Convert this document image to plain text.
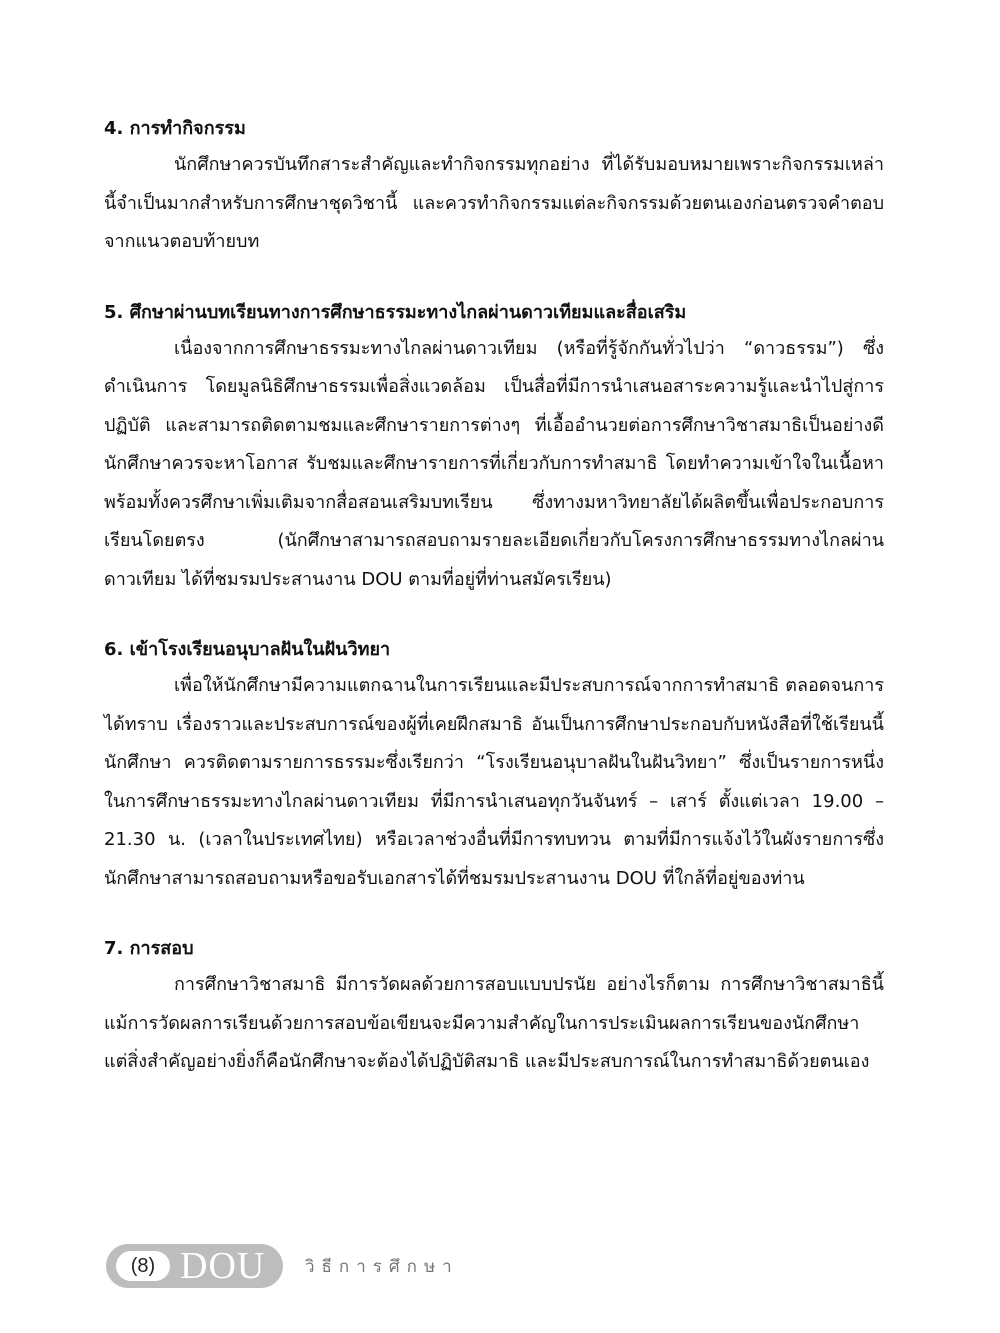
4. การทำกิจกรรม

นักศึกษาควรบันทึกสาระสำคัญและทำกิจกรรมทุกอย่าง ที่ได้รับมอบหมายเพราะกิจกรรมเหล่านี้จำเป็นมากสำหรับการศึกษาชุดวิชานี้ และควรทำกิจกรรมแต่ละกิจกรรมด้วยตนเองก่อนตรวจคำตอบจากแนวตอบท้ายบท

5. ศึกษาผ่านบทเรียนทางการศึกษาธรรมะทางไกลผ่านดาวเทียมและสื่อเสริม

เนื่องจากการศึกษาธรรมะทางไกลผ่านดาวเทียม (หรือที่รู้จักกันทั่วไปว่า “ดาวธรรม”) ซึ่งดำเนินการ โดยมูลนิธิศึกษาธรรมเพื่อสิ่งแวดล้อม เป็นสื่อที่มีการนำเสนอสาระความรู้และนำไปสู่การปฏิบัติ และสามารถติดตามชมและศึกษารายการต่างๆ ที่เอื้ออำนวยต่อการศึกษาวิชาสมาธิเป็นอย่างดี นักศึกษาควรจะหาโอกาส รับชมและศึกษารายการที่เกี่ยวกับการทำสมาธิ โดยทำความเข้าใจในเนื้อหา พร้อมทั้งควรศึกษาเพิ่มเติมจากสื่อสอนเสริมบทเรียน ซึ่งทางมหาวิทยาลัยได้ผลิตขึ้นเพื่อประกอบการเรียนโดยตรง (นักศึกษาสามารถสอบถามรายละเอียดเกี่ยวกับโครงการศึกษาธรรมทางไกลผ่านดาวเทียม ได้ที่ชมรมประสานงาน DOU ตามที่อยู่ที่ท่านสมัครเรียน)

6. เข้าโรงเรียนอนุบาลฝันในฝันวิทยา

เพื่อให้นักศึกษามีความแตกฉานในการเรียนและมีประสบการณ์จากการทำสมาธิ ตลอดจนการได้ทราบ เรื่องราวและประสบการณ์ของผู้ที่เคยฝึกสมาธิ อันเป็นการศึกษาประกอบกับหนังสือที่ใช้เรียนนี้ นักศึกษา ควรติดตามรายการธรรมะซึ่งเรียกว่า “โรงเรียนอนุบาลฝันในฝันวิทยา” ซึ่งเป็นรายการหนึ่งในการศึกษาธรรมะทางไกลผ่านดาวเทียม ที่มีการนำเสนอทุกวันจันทร์ – เสาร์ ตั้งแต่เวลา 19.00 – 21.30 น. (เวลาในประเทศไทย) หรือเวลาช่วงอื่นที่มีการทบทวน ตามที่มีการแจ้งไว้ในผังรายการซึ่งนักศึกษาสามารถสอบถามหรือขอรับเอกสารได้ที่ชมรมประสานงาน DOU ที่ใกล้ที่อยู่ของท่าน

7. การสอบ

การศึกษาวิชาสมาธิ มีการวัดผลด้วยการสอบแบบปรนัย อย่างไรก็ตาม การศึกษาวิชาสมาธินี้ แม้การวัดผลการเรียนด้วยการสอบข้อเขียนจะมีความสำคัญในการประเมินผลการเรียนของนักศึกษา แต่สิ่งสำคัญอย่างยิ่งก็คือนักศึกษาจะต้องได้ปฏิบัติสมาธิ และมีประสบการณ์ในการทำสมาธิด้วยตนเอง

(8) DOU วิธีการศึกษา
